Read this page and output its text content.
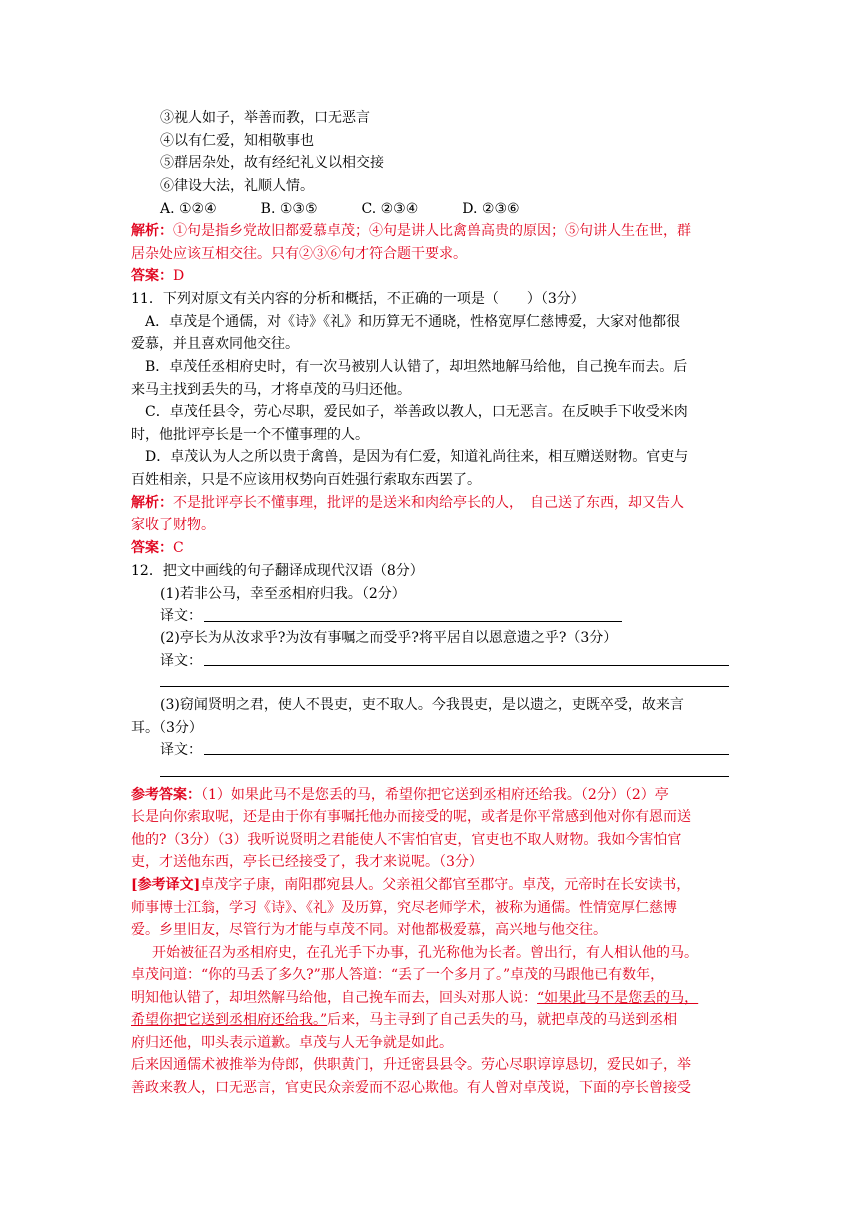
③视人如子，举善而教，口无恶言
④以有仁爱，知相敬事也
⑤群居杂处，故有经纪礼义以相交接
⑥律设大法，礼顺人情。
A. ①②④	B. ①③⑤	C. ②③④	D. ②③⑥
解析：①句是指乡党故旧都爱慕卓茂；④句是讲人比禽兽高贵的原因；⑤句讲人生在世，群
居杂处应该互相交往。只有②③⑥句才符合题干要求。
答案：D
11．下列对原文有关内容的分析和概括，不正确的一项是（　　）（3分）
A．卓茂是个通儒，对《诗》《礼》和历算无不通晓，性格宽厚仁慈博爱，大家对他都很
爱慕，并且喜欢同他交往。
B．卓茂任丞相府史时，有一次马被别人认错了，却坦然地解马给他，自己挽车而去。后
来马主找到丢失的马，才将卓茂的马归还他。
C．卓茂任县令，劳心尽职，爱民如子，举善政以教人，口无恶言。在反映手下收受米肉
时，他批评亭长是一个不懂事理的人。
D．卓茂认为人之所以贵于禽兽，是因为有仁爱，知道礼尚往来，相互赠送财物。官吏与
百姓相亲，只是不应该用权势向百姓强行索取东西罢了。
解析：不是批评亭长不懂事理，批评的是送米和肉给亭长的人，　自己送了东西，却又告人
家收了财物。
答案：C
12．把文中画线的句子翻译成现代汉语（8分）
(1)若非公马，幸至丞相府归我。（2分）
译文：
(2)亭长为从汝求乎?为汝有事嘱之而受乎?将平居自以恩意遗之乎?（3分）
译文：
(3)窃闻贤明之君，使人不畏吏，吏不取人。今我畏吏，是以遗之，吏既卒受，故来言
耳。（3分）
译文：
参考答案：（1）如果此马不是您丢的马，希望你把它送到丞相府还给我。（2分）（2）亭
长是向你索取呢，还是由于你有事嘱托他办而接受的呢，或者是你平常感到他对你有恩而送
他的?（3分）（3）我听说贤明之君能使人不害怕官吏，官吏也不取人财物。我如今害怕官
吏，才送他东西，亭长已经接受了，我才来说呢。（3分）
[参考译文]卓茂字子康，南阳郡宛县人。父亲祖父都官至郡守。卓茂，元帝时在长安读书，
师事博士江翁，学习《诗》、《礼》及历算，究尽老师学术，被称为通儒。性情宽厚仁慈博
爱。乡里旧友，尽管行为才能与卓茂不同。对他都极爱慕，高兴地与他交往。
开始被征召为丞相府史，在孔光手下办事，孔光称他为长者。曾出行，有人相认他的马。
卓茂问道：“你的马丢了多久?”那人答道：“丢了一个多月了。”卓茂的马跟他已有数年，
明知他认错了，却坦然解马给他，自己挽车而去，回头对那人说：“如果此马不是您丢的马，
希望你把它送到丞相府还给我。”后来，马主寻到了自己丢失的马，就把卓茂的马送到丞相
府归还他，叩头表示道歉。卓茂与人无争就是如此。
后来因通儒术被推举为侍郎，供职黄门，升迁密县县令。劳心尽职谆谆恳切，爱民如子，举
善政来教人，口无恶言，官吏民众亲爱而不忍心欺他。有人曾对卓茂说，下面的亭长曾接受
